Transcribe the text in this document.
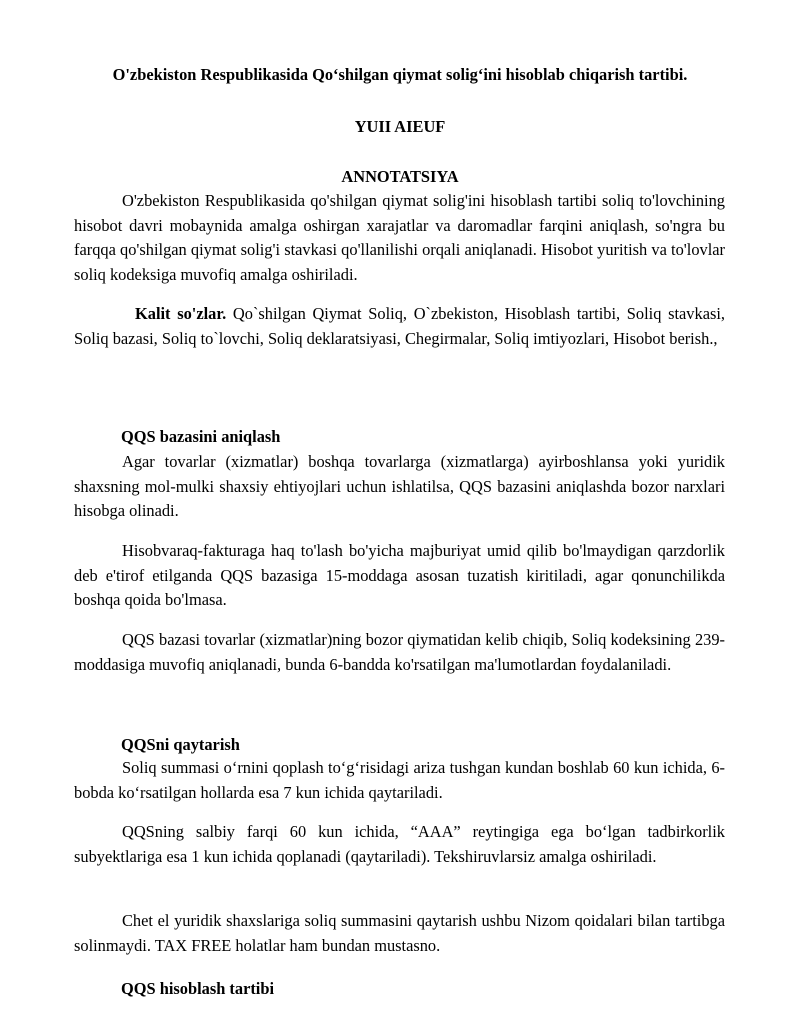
O'zbekiston Respublikasida Qo‘shilgan qiymat solig‘ini hisoblab chiqarish tartibi.
YUII AIEUF
ANNOTATSIYA
O'zbekiston Respublikasida qo'shilgan qiymat solig'ini hisoblash tartibi soliq to'lovchining hisobot davri mobaynida amalga oshirgan xarajatlar va daromadlar farqini aniqlash, so'ngra bu farqqa qo'shilgan qiymat solig'i stavkasi qo'llanilishi orqali aniqlanadi. Hisobot yuritish va to'lovlar soliq kodeksiga muvofiq amalga oshiriladi.
Kalit so'zlar. Qo`shilgan Qiymat Soliq, O`zbekiston, Hisoblash tartibi, Soliq stavkasi, Soliq bazasi, Soliq to`lovchi, Soliq deklaratsiyasi, Chegirmalar, Soliq imtiyozlari, Hisobot berish.,
QQS bazasini aniqlash
Agar tovarlar (xizmatlar) boshqa tovarlarga (xizmatlarga) ayirboshlansa yoki yuridik shaxsning mol-mulki shaxsiy ehtiyojlari uchun ishlatilsa, QQS bazasini aniqlashda bozor narxlari hisobga olinadi.
Hisobvaraq-fakturaga haq to'lash bo'yicha majburiyat umid qilib bo'lmaydigan qarzdorlik deb e'tirof etilganda QQS bazasiga 15-moddaga asosan tuzatish kiritiladi, agar qonunchilikda boshqa qoida bo'lmasa.
QQS bazasi tovarlar (xizmatlar)ning bozor qiymatidan kelib chiqib, Soliq kodeksining 239-moddasiga muvofiq aniqlanadi, bunda 6-bandda ko'rsatilgan ma'lumotlardan foydalaniladi.
QQSni qaytarish
Soliq summasi o‘rnini qoplash to‘g‘risidagi ariza tushgan kundan boshlab 60 kun ichida, 6-bobda ko‘rsatilgan hollarda esa 7 kun ichida qaytariladi.
QQSning salbiy farqi 60 kun ichida, “AAA” reytingiga ega bo‘lgan tadbirkorlik subyektlariga esa 1 kun ichida qoplanadi (qaytariladi). Tekshiruvlarsiz amalga oshiriladi.
Chet el yuridik shaxslariga soliq summasini qaytarish ushbu Nizom qoidalari bilan tartibga solinmaydi. TAX FREE holatlar ham bundan mustasno.
QQS hisoblash tartibi
